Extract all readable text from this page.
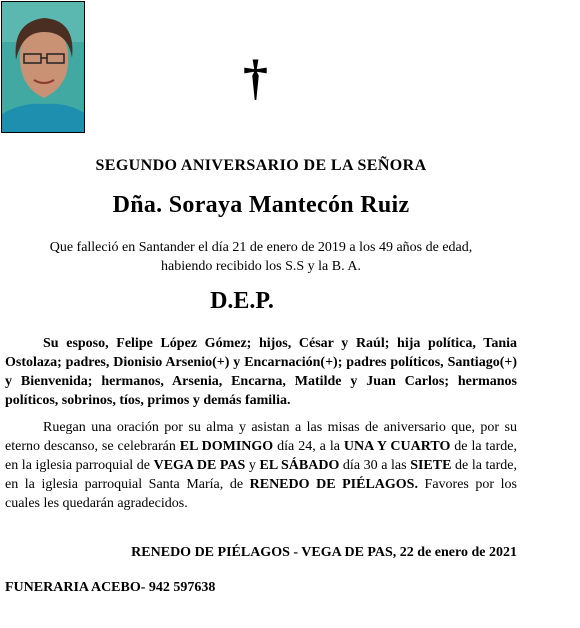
†
SEGUNDO ANIVERSARIO DE LA SEÑORA
Dña. Soraya Mantecón Ruiz
Que falleció en Santander el día 21 de enero de 2019 a los 49 años de edad,
habiendo recibido los S.S y la B. A.
D.E.P.

Su esposo, Felipe López Gómez; hijos, César y Raúl; hija política, Tania Ostolaza; padres, Dionisio Arsenio(+) y Encarnación(+); padres políticos, Santiago(+) y Bienvenida; hermanos, Arsenia, Encarna, Matilde y Juan Carlos; hermanos políticos, sobrinos, tíos, primos y demás familia.

Ruegan una oración por su alma y asistan a las misas de aniversario que, por su eterno descanso, se celebrarán EL DOMINGO día 24, a la UNA Y CUARTO de la tarde, en la iglesia parroquial de VEGA DE PAS y EL SÁBADO día 30 a las SIETE de la tarde, en la iglesia parroquial Santa María, de RENEDO DE PIÉLAGOS. Favores por los cuales les quedarán agradecidos.

RENEDO DE PIÉLAGOS - VEGA DE PAS, 22 de enero de 2021
FUNERARIA ACEBO- 942 597638
